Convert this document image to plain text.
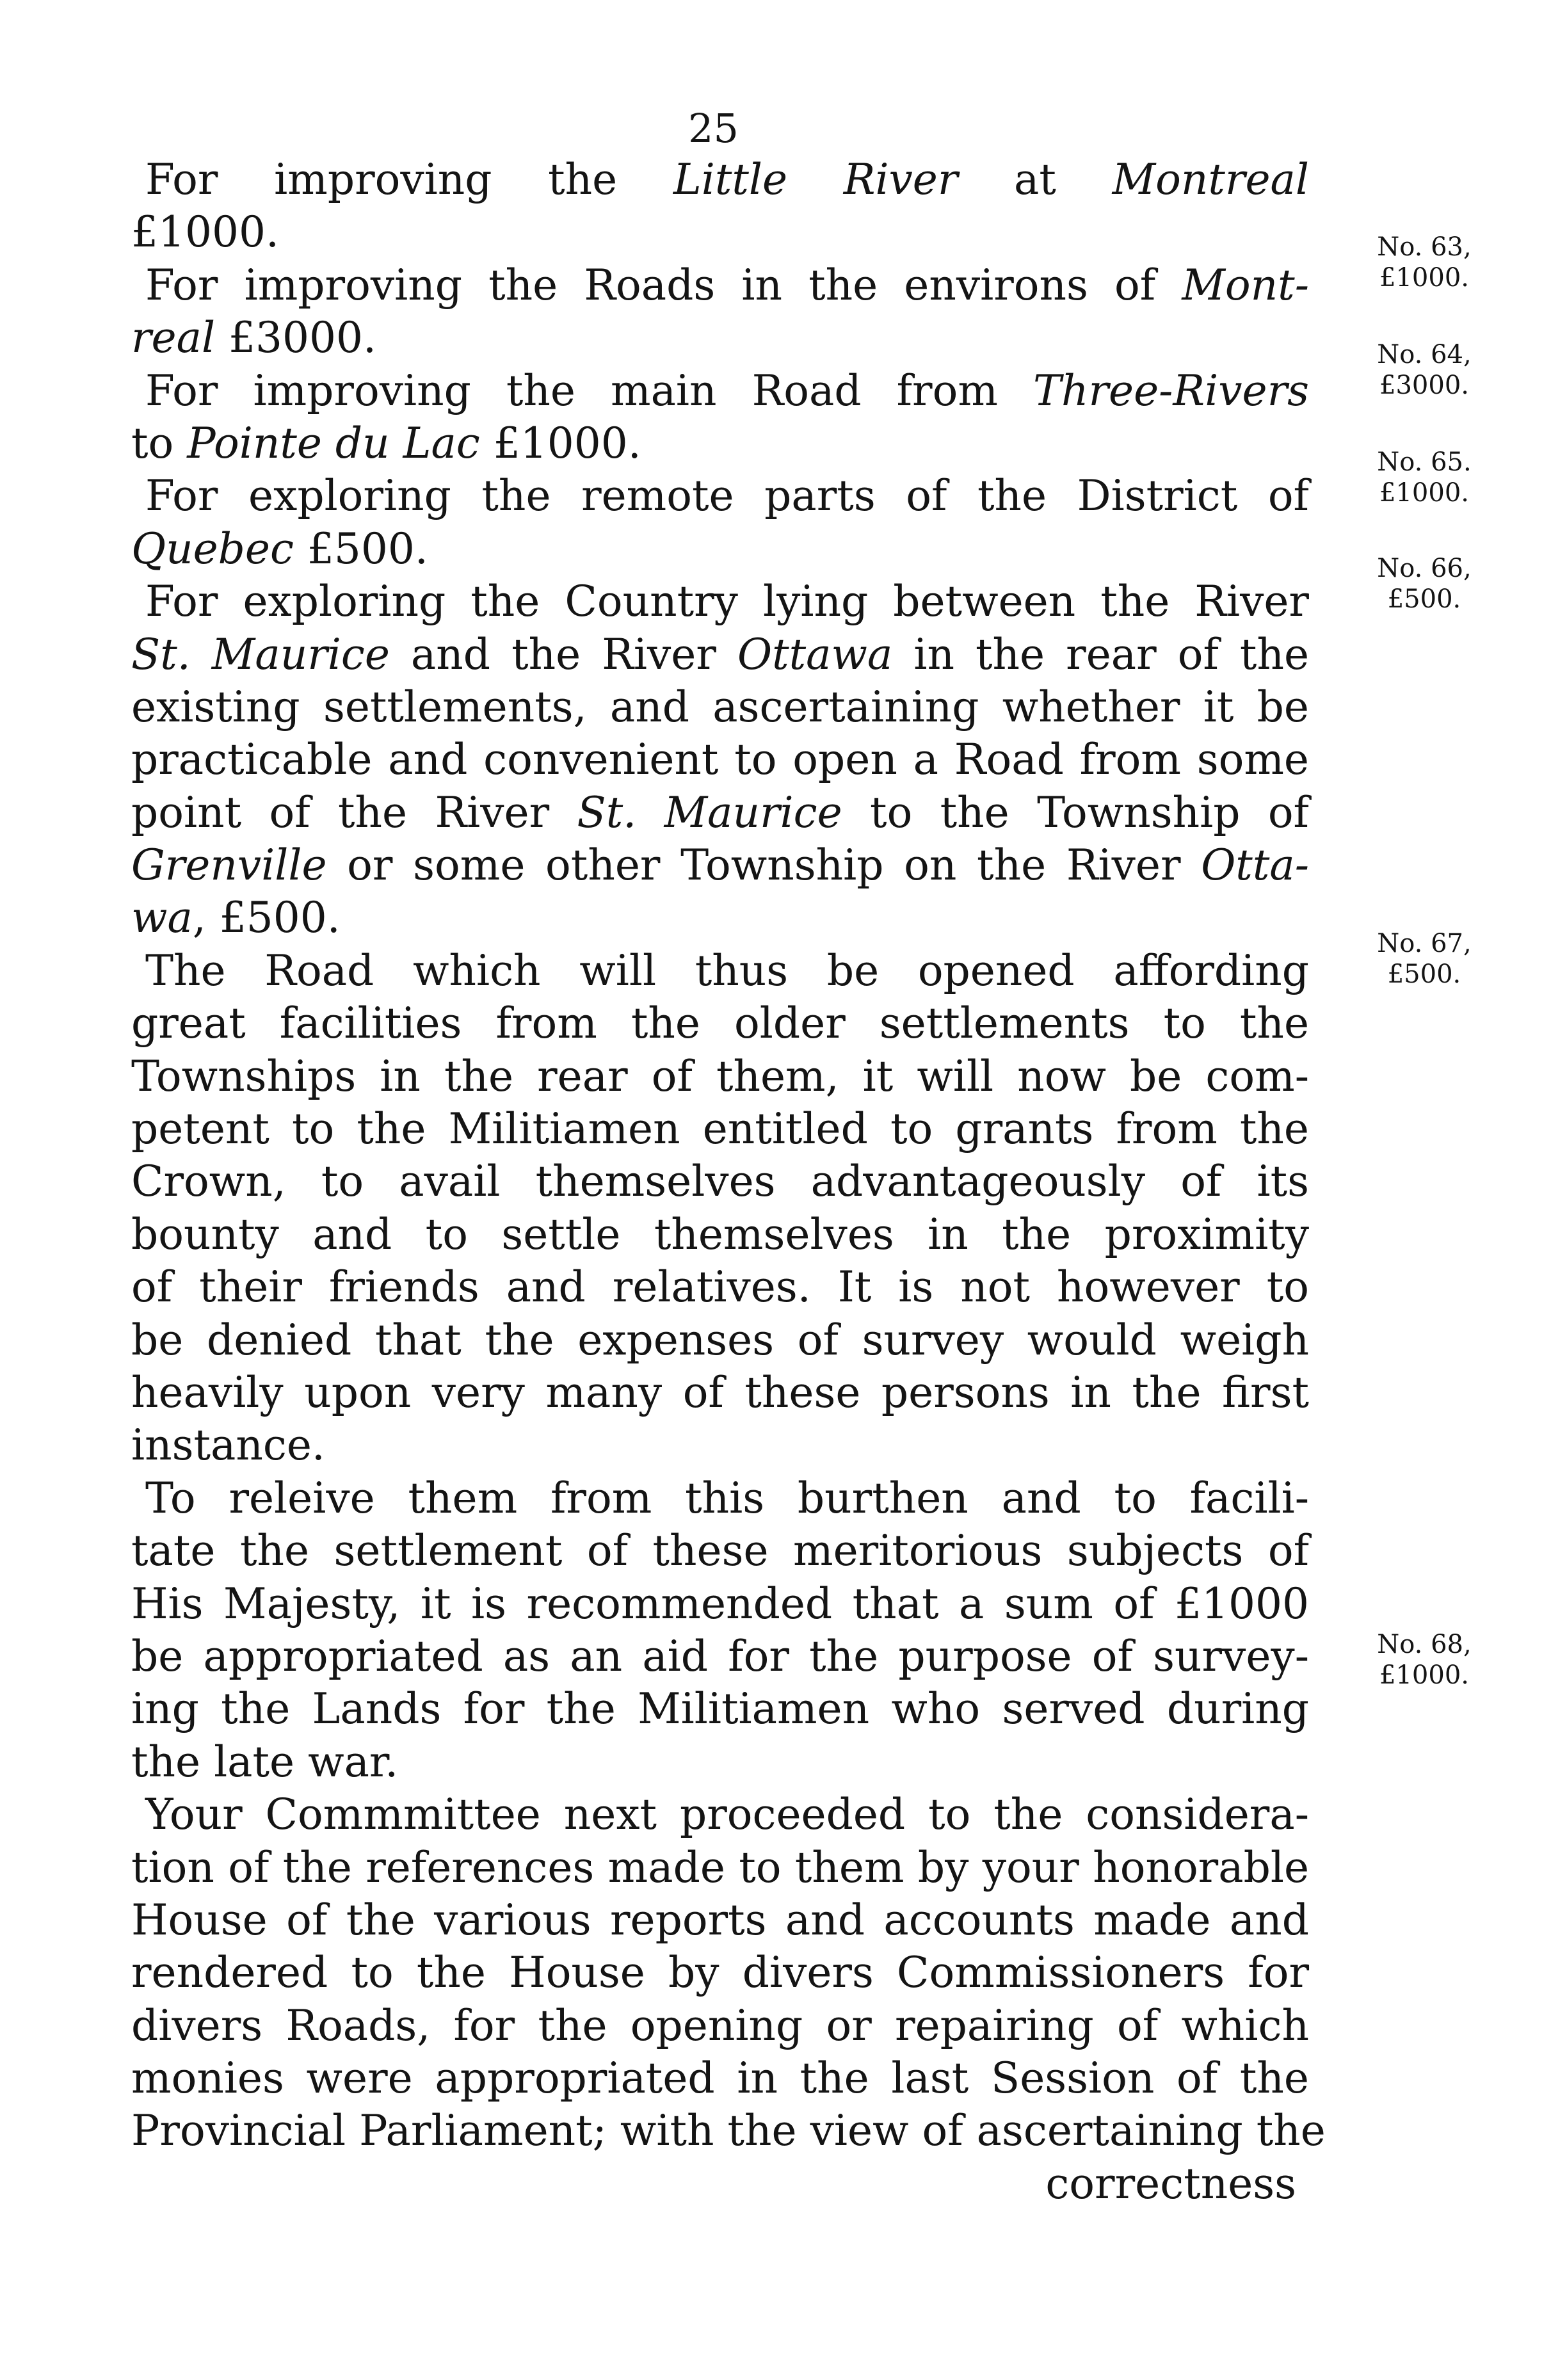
25
For improving the Little River at Montreal
£1000.
For improving the Roads in the environs of Mont-
real £3000.
For improving the main Road from Three-Rivers
to Pointe du Lac £1000.
For exploring the remote parts of the District of
Quebec £500.
For exploring the Country lying between the River
St. Maurice and the River Ottawa in the rear of the
existing settlements, and ascertaining whether it be
practicable and convenient to open a Road from some
point of the River St. Maurice to the Township of
Grenville or some other Township on the River Otta-
wa, £500.
The Road which will thus be opened affording
great facilities from the older settlements to the
Townships in the rear of them, it will now be com-
petent to the Militiamen entitled to grants from the
Crown, to avail themselves advantageously of its
bounty and to settle themselves in the proximity
of their friends and relatives. It is not however to
be denied that the expenses of survey would weigh
heavily upon very many of these persons in the first
instance.
To releive them from this burthen and to facili-
tate the settlement of these meritorious subjects of
His Majesty, it is recommended that a sum of £1000
be appropriated as an aid for the purpose of survey-
ing the Lands for the Militiamen who served during
the late war.
Your Commmittee next proceeded to the considera-
tion of the references made to them by your honorable
House of the various reports and accounts made and
rendered to the House by divers Commissioners for
divers Roads, for the opening or repairing of which
monies were appropriated in the last Session of the
Provincial Parliament; with the view of ascertaining the
correctness
No. 63,
£1000.
No. 64,
£3000.
No. 65.
£1000.
No. 66,
£500.
No. 67,
£500.
No. 68,
£1000.
